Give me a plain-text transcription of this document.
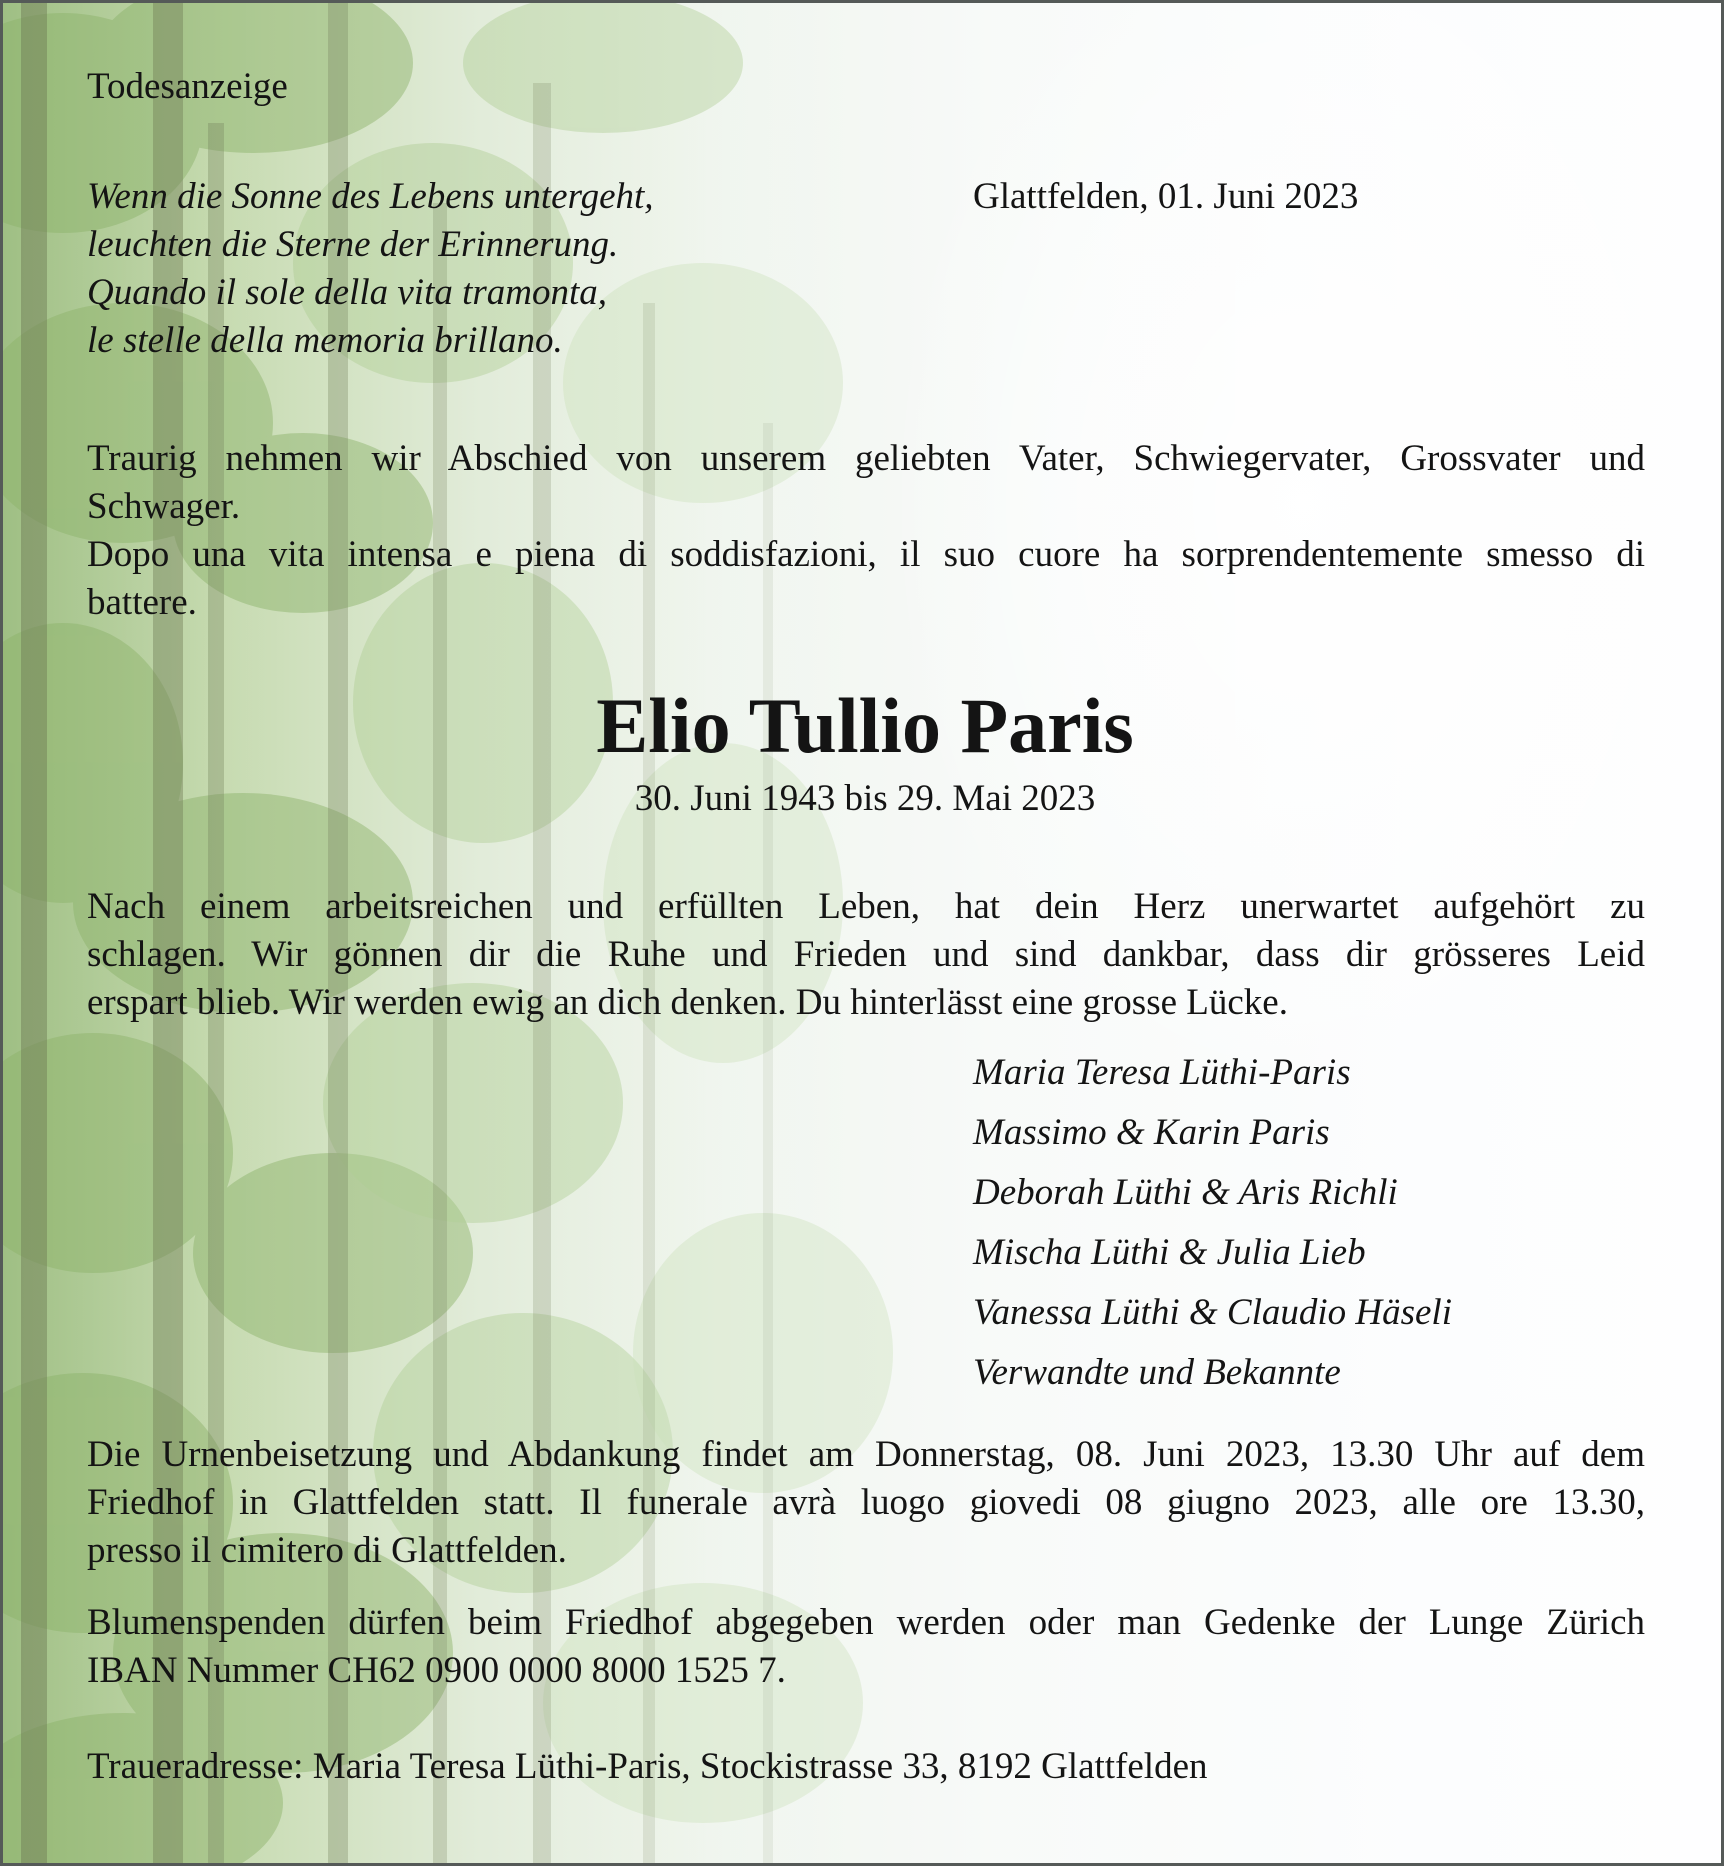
Todesanzeige

Wenn die Sonne des Lebens untergeht,

leuchten die Sterne der Erinnerung.

Quando il sole della vita tramonta,

le stelle della memoria brillano.

Glattfelden, 01. Juni 2023

Traurig nehmen wir Abschied von unserem geliebten Vater, Schwiegervater, Grossvater und

Schwager.

Dopo una vita intensa e piena di soddisfazioni, il suo cuore ha sorprendentemente smesso di

battere.

Elio Tullio Paris

30. Juni 1943 bis 29. Mai 2023

Nach einem arbeitsreichen und erfüllten Leben, hat dein Herz unerwartet aufgehört zu

schlagen. Wir gönnen dir die Ruhe und Frieden und sind dankbar, dass dir grösseres Leid

erspart blieb. Wir werden ewig an dich denken. Du hinterlässt eine grosse Lücke.

Maria Teresa Lüthi-Paris

Massimo & Karin Paris

Deborah Lüthi & Aris Richli

Mischa Lüthi & Julia Lieb

Vanessa Lüthi & Claudio Häseli

Verwandte und Bekannte

Die Urnenbeisetzung und Abdankung findet am Donnerstag, 08. Juni 2023, 13.30 Uhr auf dem

Friedhof in Glattfelden statt. Il funerale avrà luogo giovedi 08 giugno 2023, alle ore 13.30,

presso il cimitero di Glattfelden.

Blumenspenden dürfen beim Friedhof abgegeben werden oder man Gedenke der Lunge Zürich

IBAN Nummer CH62 0900 0000 8000 1525 7.

Traueradresse: Maria Teresa Lüthi-Paris, Stockistrasse 33, 8192 Glattfelden
